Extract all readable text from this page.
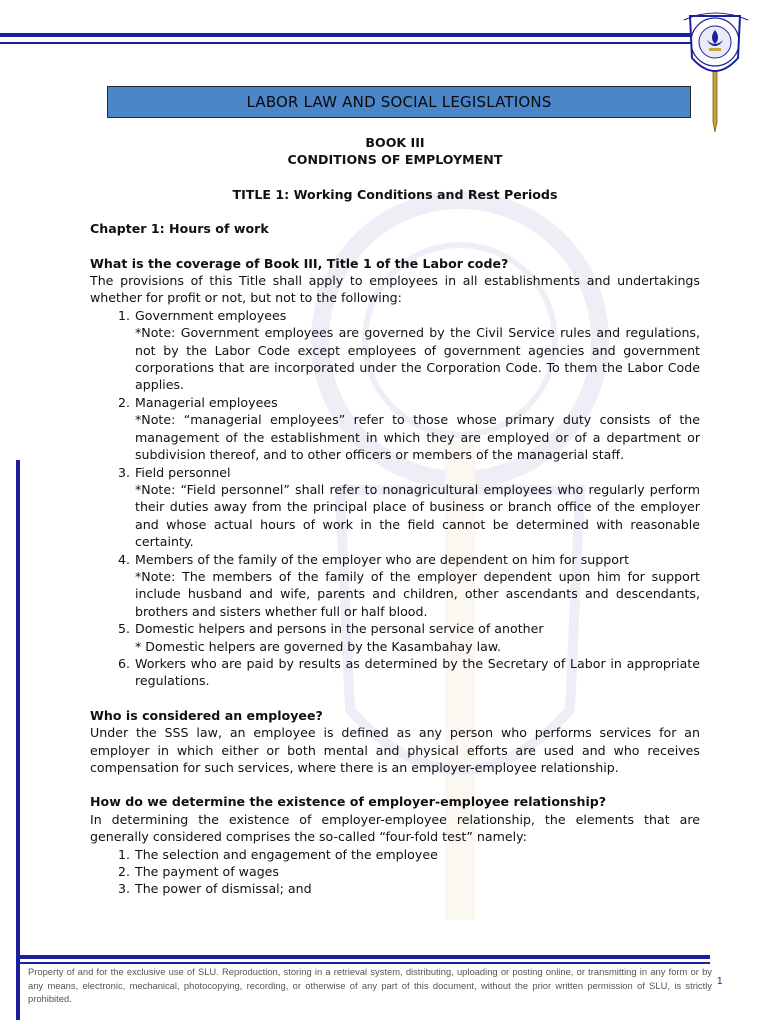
LABOR LAW AND SOCIAL LEGISLATIONS
BOOK III
CONDITIONS OF EMPLOYMENT
TITLE 1: Working Conditions and Rest Periods
Chapter 1: Hours of work
What is the coverage of Book III, Title 1 of the Labor code?
The provisions of this Title shall apply to employees in all establishments and undertakings whether for profit or not, but not to the following:
1. Government employees
*Note: Government employees are governed by the Civil Service rules and regulations, not by the Labor Code except employees of government agencies and government corporations that are incorporated under the Corporation Code. To them the Labor Code applies.
2. Managerial employees
*Note: “managerial employees” refer to those whose primary duty consists of the management of the establishment in which they are employed or of a department or subdivision thereof, and to other officers or members of the managerial staff.
3. Field personnel
*Note: “Field personnel” shall refer to nonagricultural employees who regularly perform their duties away from the principal place of business or branch office of the employer and whose actual hours of work in the field cannot be determined with reasonable certainty.
4. Members of the family of the employer who are dependent on him for support
*Note: The members of the family of the employer dependent upon him for support include husband and wife, parents and children, other ascendants and descendants, brothers and sisters whether full or half blood.
5. Domestic helpers and persons in the personal service of another
* Domestic helpers are governed by the Kasambahay law.
6. Workers who are paid by results as determined by the Secretary of Labor in appropriate regulations.
Who is considered an employee?
Under the SSS law, an employee is defined as any person who performs services for an employer in which either or both mental and physical efforts are used and who receives compensation for such services, where there is an employer-employee relationship.
How do we determine the existence of employer-employee relationship?
In determining the existence of employer-employee relationship, the elements that are generally considered comprises the so-called “four-fold test” namely:
1. The selection and engagement of the employee
2. The payment of wages
3. The power of dismissal; and
Property of and for the exclusive use of SLU. Reproduction, storing in a retrieval system, distributing, uploading or posting online, or transmitting in any form or by any means, electronic, mechanical, photocopying, recording, or otherwise of any part of this document, without the prior written permission of SLU, is strictly prohibited.
1
